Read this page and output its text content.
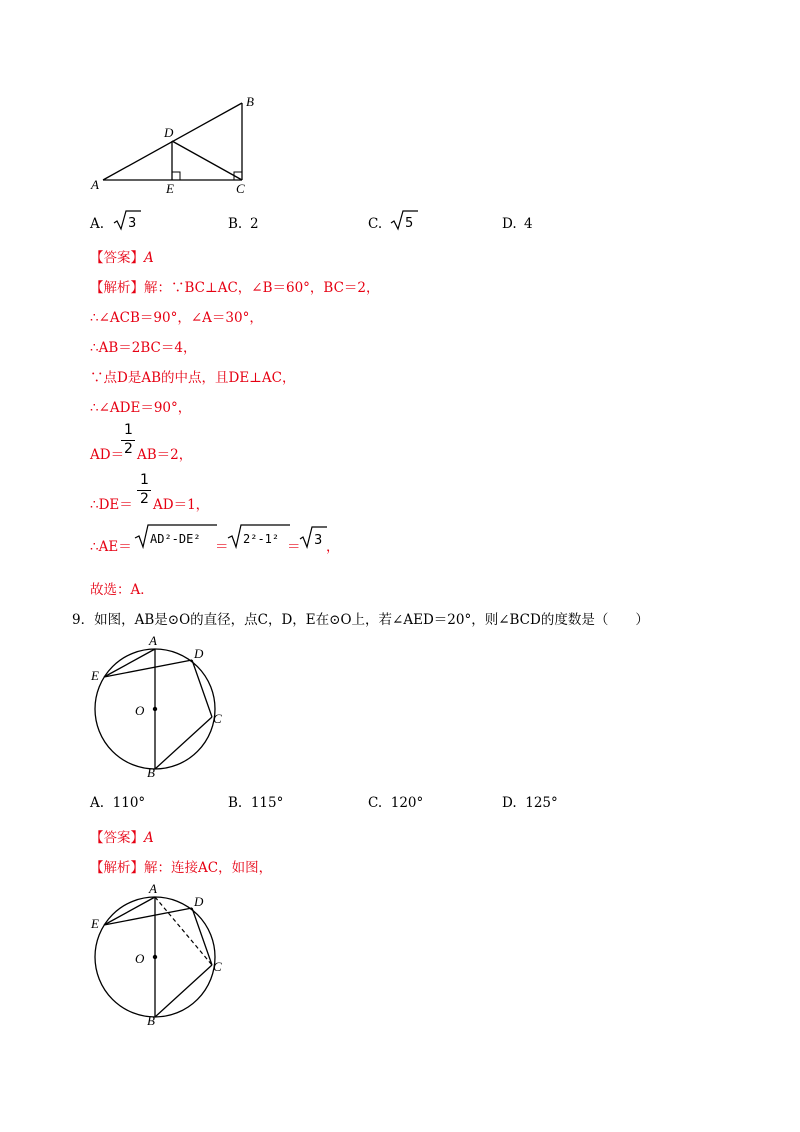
A
B
C
D
E
A. 3	B. 2	C. 5	D. 4
【答案】A
【解析】解：∵BC⊥AC，∠B＝60°，BC＝2，
∴∠ACB＝90°，∠A＝30°，
∴AB＝2BC＝4，
∵点D是AB的中点，且DE⊥AC，
∴∠ADE＝90°，
AD＝
1
2 AB＝2，
∴DE＝
1
2 AD＝1，
∴AE＝ AD²-DE² ＝ 2²-1² ＝ 3 ，
故选：A．
9．如图，AB是⊙O的直径，点C，D，E在⊙O上，若∠AED＝20°，则∠BCD的度数是（　　）
A
D
E
O
C
B
A. 110°	B. 115°	C. 120°	D. 125°
【答案】A
【解析】解：连接AC，如图，
A
D
E
O
C
B
